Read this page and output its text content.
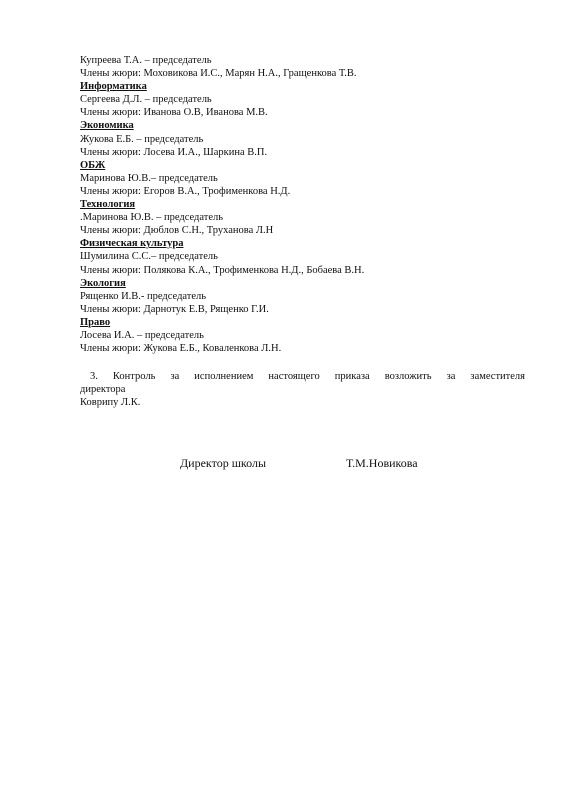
Купреева Т.А. – председатель
Члены жюри: Моховикова И.С., Марян Н.А., Гращенкова Т.В.
Информатика
Сергеева Д.Л. – председатель
Члены жюри: Иванова О.В, Иванова М.В.
Экономика
Жукова Е.Б. – председатель
Члены жюри: Лосева И.А., Шаркина В.П.
ОБЖ
Маринова Ю.В.– председатель
Члены жюри: Егоров В.А., Трофименкова Н.Д.
Технология
.Маринова Ю.В. – председатель
Члены жюри: Дюблов С.Н., Труханова Л.Н
Физическая культура
Шумилина С.С.– председатель
Члены жюри: Полякова К.А., Трофименкова Н.Д., Бобаева В.Н.
Экология
Рященко И.В.- председатель
Члены жюри: Дарнотук Е.В, Рященко Г.И.
Право
Лосева И.А. – председатель
Члены жюри: Жукова Е.Б., Коваленкова Л.Н.
3. Контроль за исполнением настоящего приказа возложить за заместителя
директора
Коврипу Л.К.
Директор школы	Т.М.Новикова
